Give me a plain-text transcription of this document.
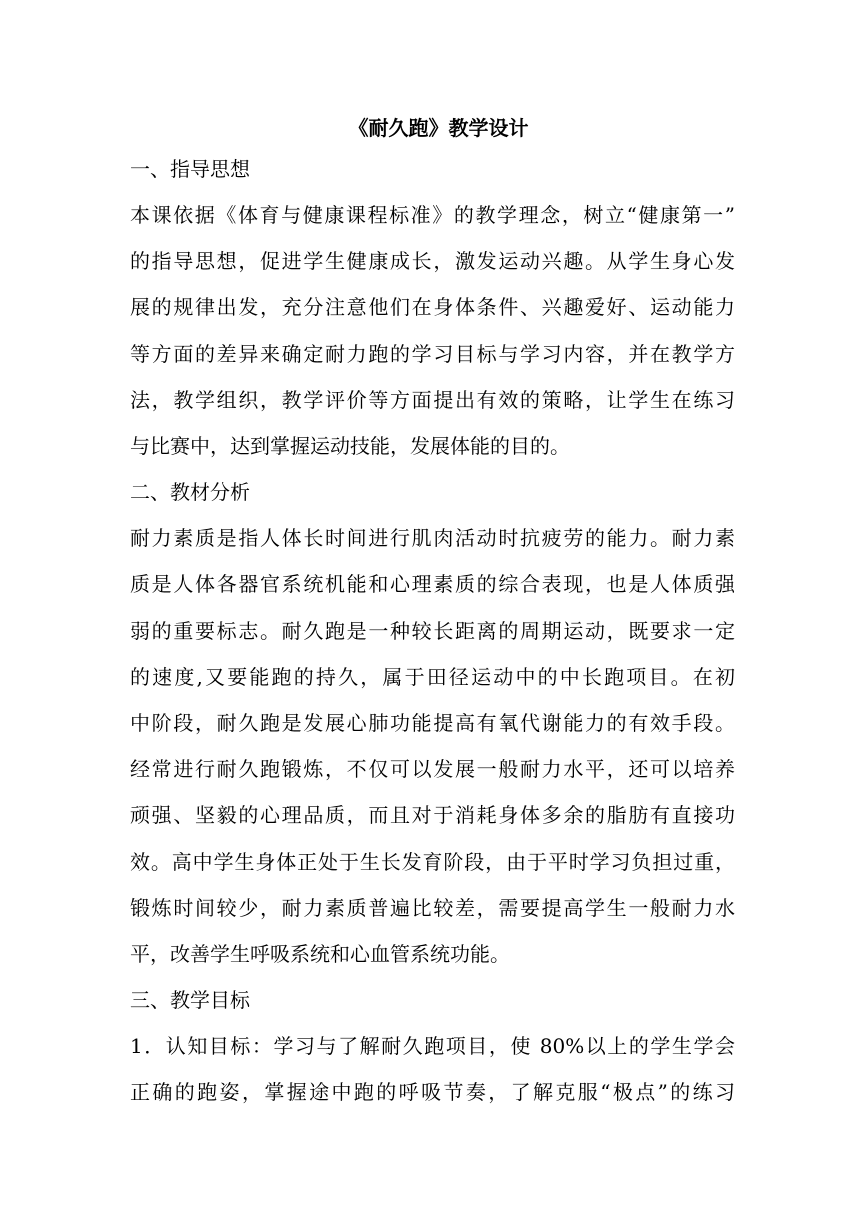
《耐久跑》教学设计

一、指导思想

本课依据《体育与健康课程标准》的教学理念，树立“健康第一”

的指导思想，促进学生健康成长，激发运动兴趣。从学生身心发

展的规律出发，充分注意他们在身体条件、兴趣爱好、运动能力

等方面的差异来确定耐力跑的学习目标与学习内容，并在教学方

法，教学组织，教学评价等方面提出有效的策略，让学生在练习

与比赛中，达到掌握运动技能，发展体能的目的。

二、教材分析

耐力素质是指人体长时间进行肌肉活动时抗疲劳的能力。耐力素

质是人体各器官系统机能和心理素质的综合表现，也是人体质强

弱的重要标志。耐久跑是一种较长距离的周期运动，既要求一定

的速度,又要能跑的持久，属于田径运动中的中长跑项目。在初

中阶段，耐久跑是发展心肺功能提高有氧代谢能力的有效手段。

经常进行耐久跑锻炼，不仅可以发展一般耐力水平，还可以培养

顽强、坚毅的心理品质，而且对于消耗身体多余的脂肪有直接功

效。高中学生身体正处于生长发育阶段，由于平时学习负担过重，

锻炼时间较少，耐力素质普遍比较差，需要提高学生一般耐力水

平，改善学生呼吸系统和心血管系统功能。

三、教学目标

1．认知目标：学习与了解耐久跑项目，使 80%以上的学生学会

正确的跑姿，掌握途中跑的呼吸节奏，了解克服“极点”的练习
